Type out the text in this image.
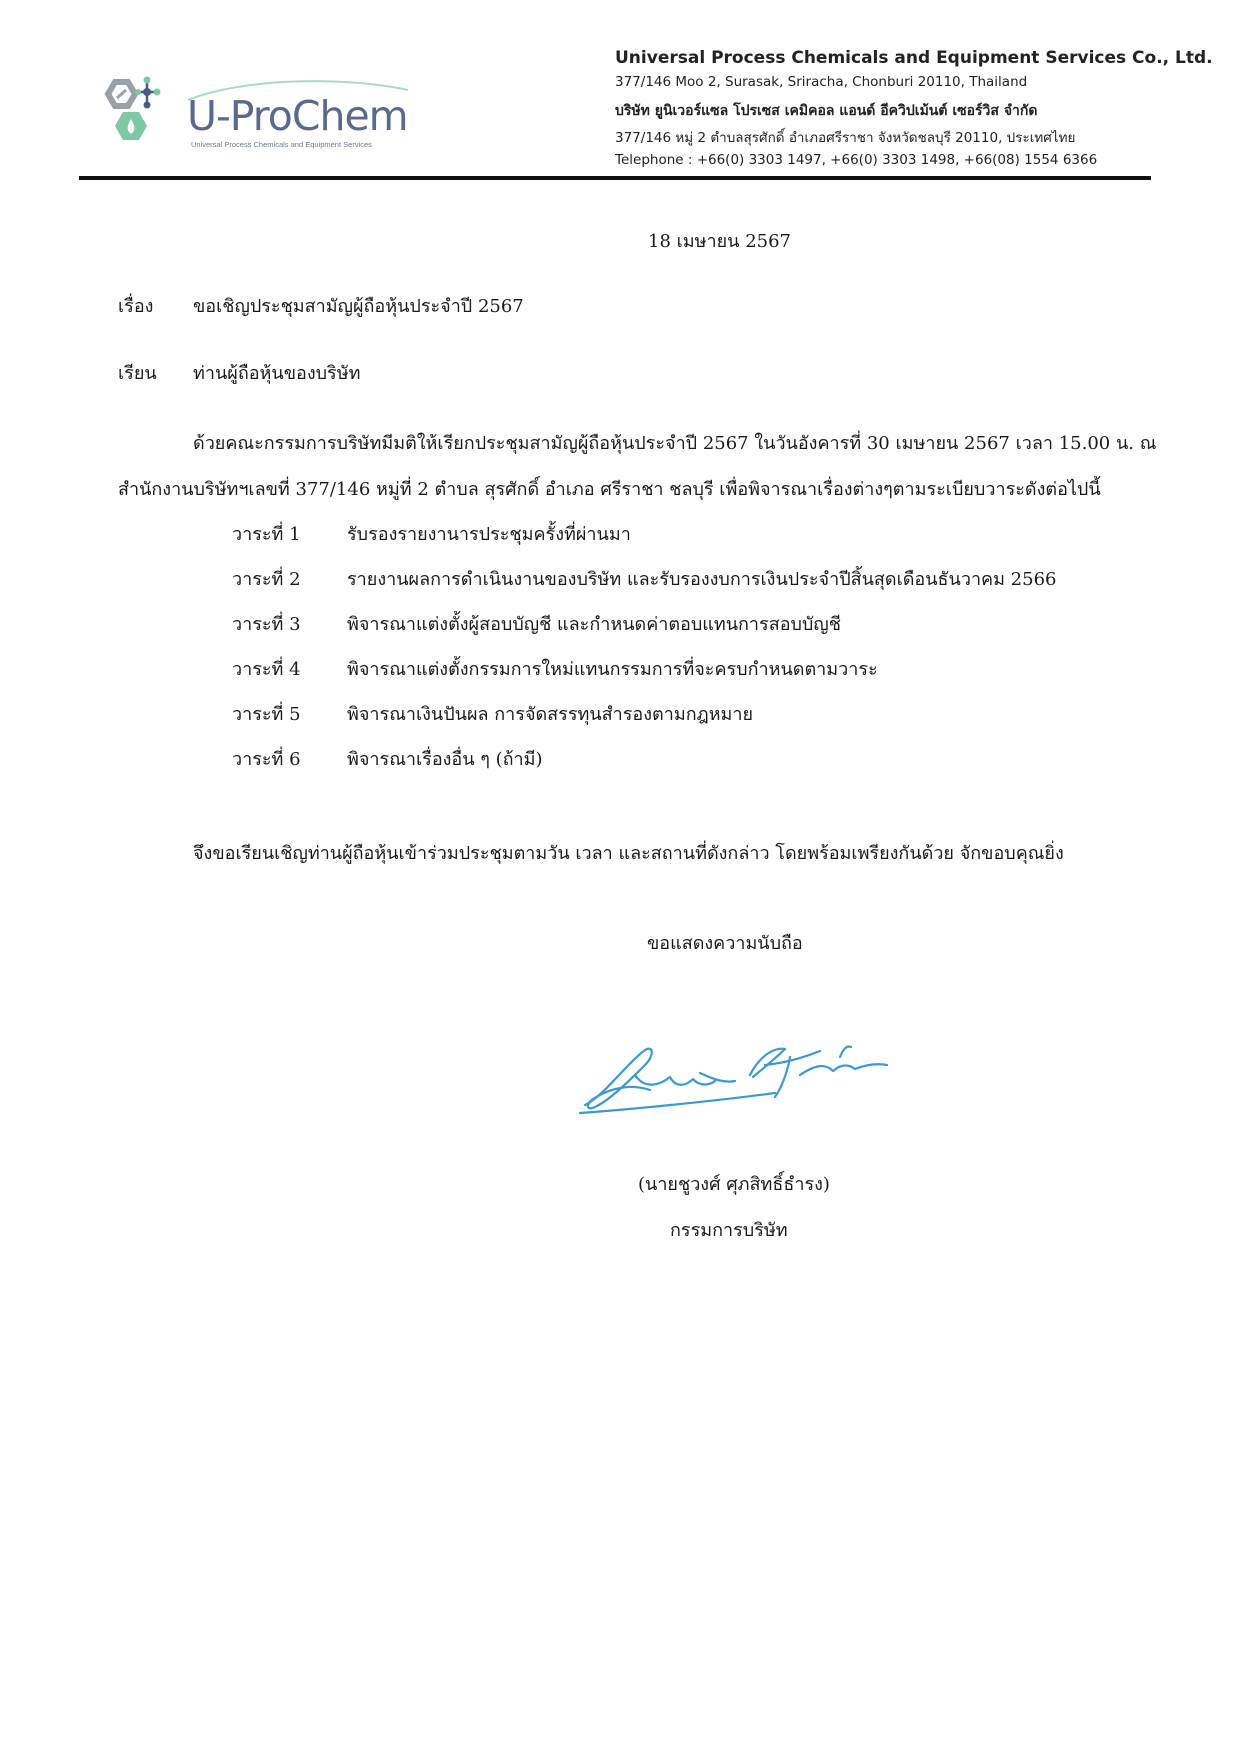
U-ProChem
Universal Process Chemicals and Equipment Services
Universal Process Chemicals and Equipment Services Co., Ltd.
377/146 Moo 2, Surasak, Sriracha, Chonburi 20110, Thailand
บริษัท ยูนิเวอร์แซล โปรเซส เคมิคอล แอนด์ อีควิปเม้นต์ เซอร์วิส จำกัด
377/146 หมู่ 2 ตำบลสุรศักดิ์ อำเภอศรีราชา จังหวัดชลบุรี 20110, ประเทศไทย
Telephone : +66(0) 3303 1497, +66(0) 3303 1498, +66(08) 1554 6366
18 เมษายน 2567
เรื่อง ขอเชิญประชุมสามัญผู้ถือหุ้นประจำปี 2567
เรียน ท่านผู้ถือหุ้นของบริษัท
ด้วยคณะกรรมการบริษัทมีมติให้เรียกประชุมสามัญผู้ถือหุ้นประจำปี 2567 ในวันอังคารที่ 30 เมษายน 2567 เวลา 15.00 น. ณ
สำนักงานบริษัทฯเลขที่ 377/146 หมู่ที่ 2 ตำบล สุรศักดิ์ อำเภอ ศรีราชา ชลบุรี เพื่อพิจารณาเรื่องต่างๆตามระเบียบวาระดังต่อไปนี้
วาระที่ 1	รับรองรายงานารประชุมครั้งที่ผ่านมา
วาระที่ 2	รายงานผลการดำเนินงานของบริษัท และรับรองงบการเงินประจำปีสิ้นสุดเดือนธันวาคม 2566
วาระที่ 3	พิจารณาแต่งตั้งผู้สอบบัญชี และกำหนดค่าตอบแทนการสอบบัญชี
วาระที่ 4	พิจารณาแต่งตั้งกรรมการใหม่แทนกรรมการที่จะครบกำหนดตามวาระ
วาระที่ 5	พิจารณาเงินปันผล การจัดสรรทุนสำรองตามกฎหมาย
วาระที่ 6	พิจารณาเรื่องอื่น ๆ (ถ้ามี)
จึงขอเรียนเชิญท่านผู้ถือหุ้นเข้าร่วมประชุมตามวัน เวลา และสถานที่ดังกล่าว โดยพร้อมเพรียงกันด้วย จักขอบคุณยิ่ง
ขอแสดงความนับถือ
(นายชูวงศ์ ศุภสิทธิ์ธำรง)
กรรมการบริษัท
